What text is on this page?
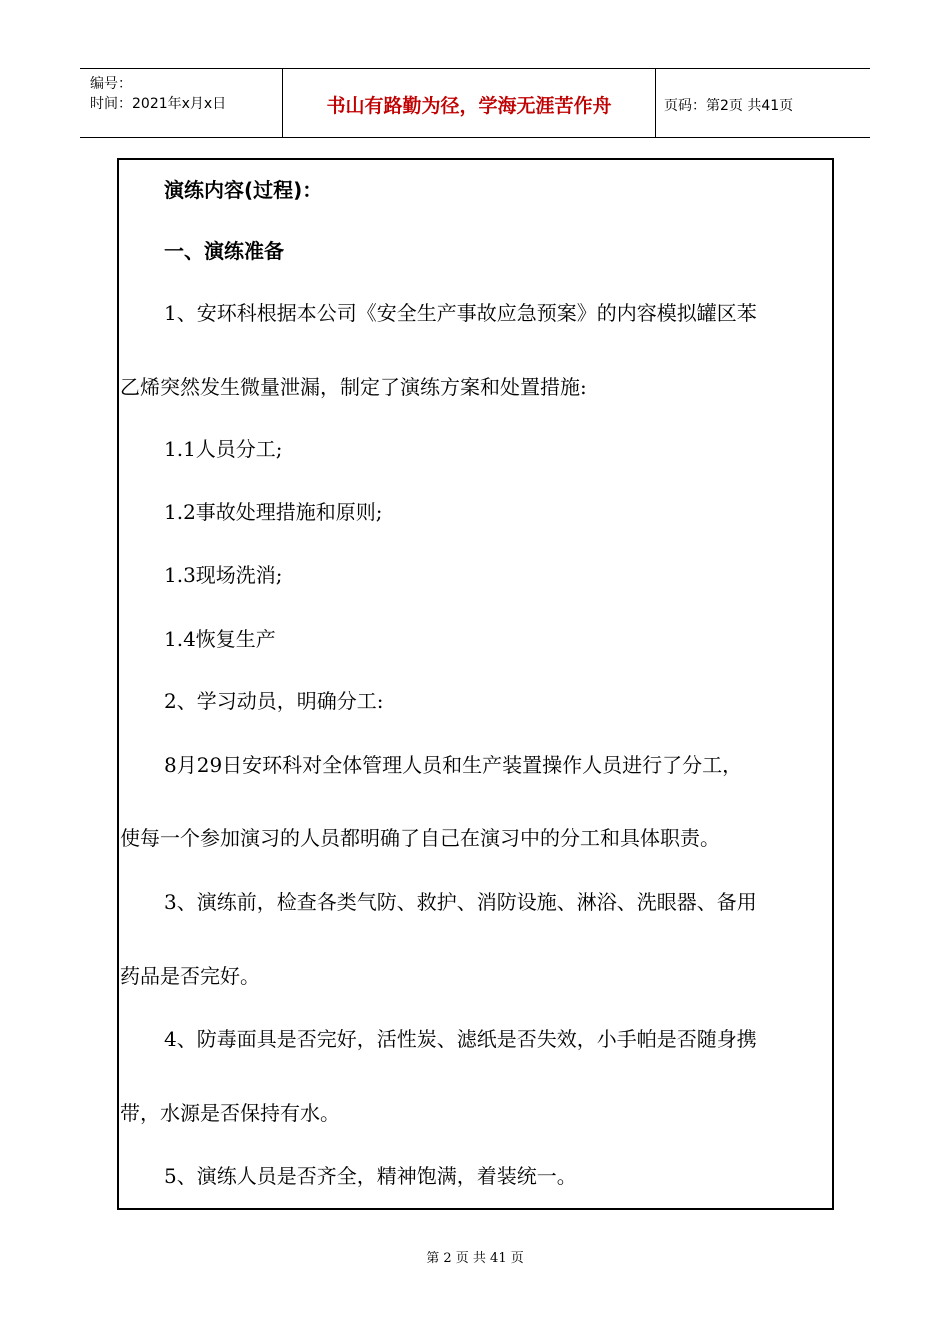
编号：
时间：2021年x月x日	书山有路勤为径，学海无涯苦作舟	页码：第2页 共41页
演练内容(过程)：
一、演练准备
1、安环科根据本公司《安全生产事故应急预案》的内容模拟罐区苯
乙烯突然发生微量泄漏，制定了演练方案和处置措施:
1.1人员分工;
1.2事故处理措施和原则;
1.3现场洗消;
1.4恢复生产
2、学习动员，明确分工:
8月29日安环科对全体管理人员和生产装置操作人员进行了分工，
使每一个参加演习的人员都明确了自己在演习中的分工和具体职责。
3、演练前，检查各类气防、救护、消防设施、淋浴、洗眼器、备用
药品是否完好。
4、防毒面具是否完好，活性炭、滤纸是否失效，小手帕是否随身携
带，水源是否保持有水。
5、演练人员是否齐全，精神饱满，着装统一。
第 2 页 共 41 页
